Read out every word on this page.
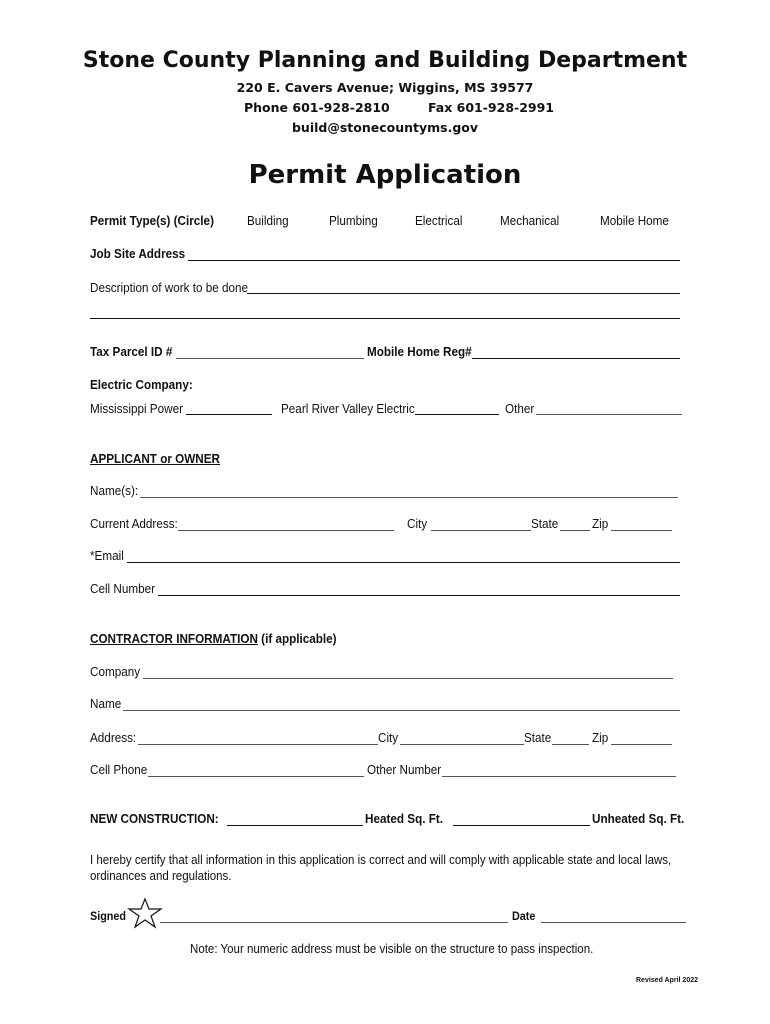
Stone County Planning and Building Department
220 E. Cavers Avenue; Wiggins, MS 39577
Phone 601-928-2810	Fax 601-928-2991
build@stonecountyms.gov
Permit Application
Permit Type(s) (Circle)	Building	Plumbing	Electrical	Mechanical	Mobile Home
Job Site Address
Description of work to be done
Tax Parcel ID #	Mobile Home Reg#
Electric Company:
Mississippi Power	Pearl River Valley Electric	Other
APPLICANT or OWNER
Name(s):
Current Address:	City	State	Zip
*Email
Cell Number
CONTRACTOR INFORMATION (if applicable)
Company
Name
Address:	City	State	Zip
Cell Phone	Other Number
NEW CONSTRUCTION:	Heated Sq. Ft.	Unheated Sq. Ft.
I hereby certify that all information in this application is correct and will comply with applicable state and local laws,
ordinances and regulations.
Signed	Date
Note: Your numeric address must be visible on the structure to pass inspection.
Revised April 2022
